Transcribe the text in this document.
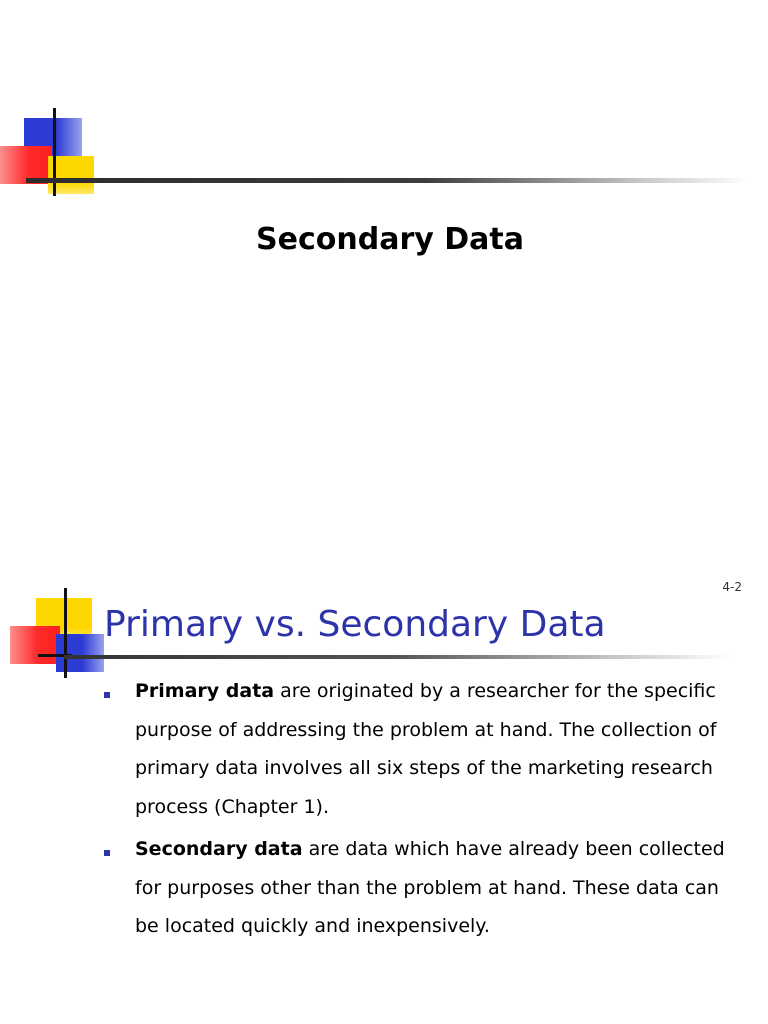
Secondary Data
4-2
Primary vs. Secondary Data
Primary data are originated by a researcher for the specific purpose of addressing the problem at hand. The collection of primary data involves all six steps of the marketing research process (Chapter 1).
Secondary data are data which have already been collected for purposes other than the problem at hand. These data can be located quickly and inexpensively.
